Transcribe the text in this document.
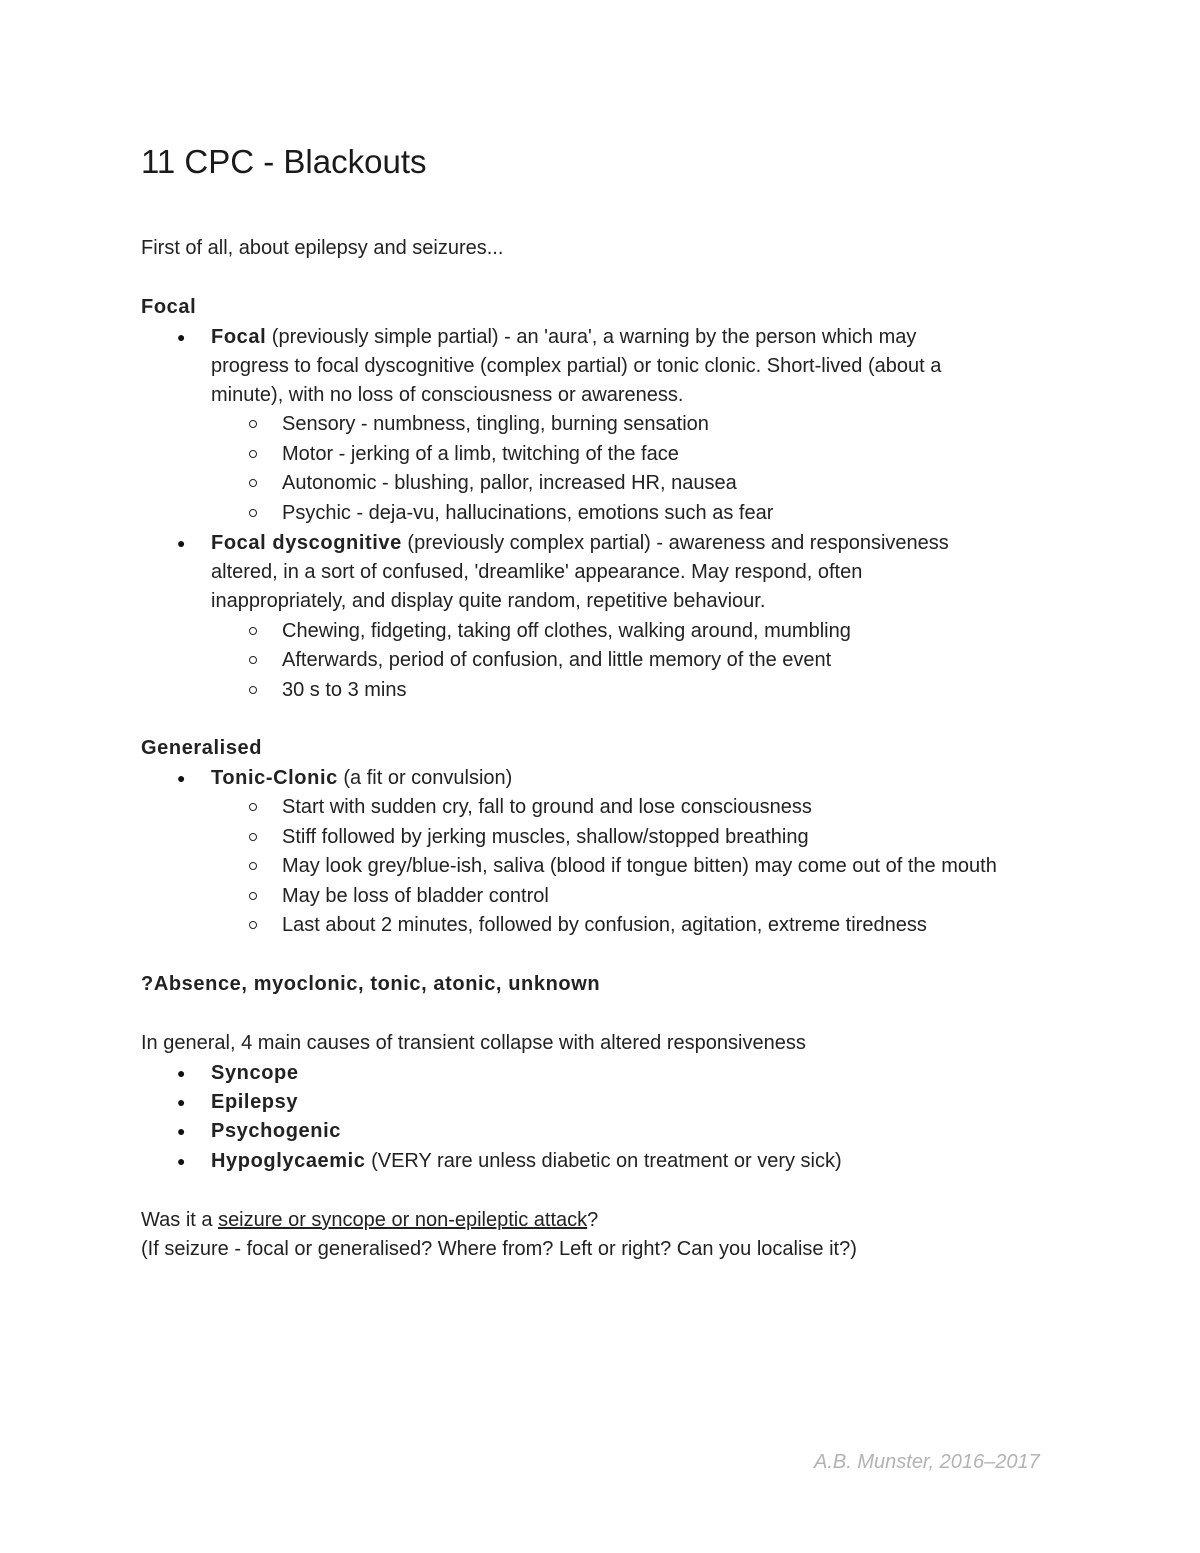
11 CPC - Blackouts
First of all, about epilepsy and seizures...
Focal
● Focal (previously simple partial) - an 'aura', a warning by the person which may
progress to focal dyscognitive (complex partial) or tonic clonic. Short-lived (about a
minute), with no loss of consciousness or awareness.
Sensory - numbness, tingling, burning sensation
Motor - jerking of a limb, twitching of the face
Autonomic - blushing, pallor, increased HR, nausea
Psychic - deja-vu, hallucinations, emotions such as fear
● Focal dyscognitive (previously complex partial) - awareness and responsiveness
altered, in a sort of confused, 'dreamlike' appearance. May respond, often
inappropriately, and display quite random, repetitive behaviour.
Chewing, fidgeting, taking off clothes, walking around, mumbling
Afterwards, period of confusion, and little memory of the event
30 s to 3 mins
Generalised
● Tonic-Clonic (a fit or convulsion)
Start with sudden cry, fall to ground and lose consciousness
Stiff followed by jerking muscles, shallow/stopped breathing
May look grey/blue-ish, saliva (blood if tongue bitten) may come out of the mouth
May be loss of bladder control
Last about 2 minutes, followed by confusion, agitation, extreme tiredness
?Absence, myoclonic, tonic, atonic, unknown
In general, 4 main causes of transient collapse with altered responsiveness
● Syncope
● Epilepsy
● Psychogenic
● Hypoglycaemic (VERY rare unless diabetic on treatment or very sick)
Was it a seizure or syncope or non-epileptic attack?
(If seizure - focal or generalised? Where from? Left or right? Can you localise it?)
A.B. Munster, 2016–2017
